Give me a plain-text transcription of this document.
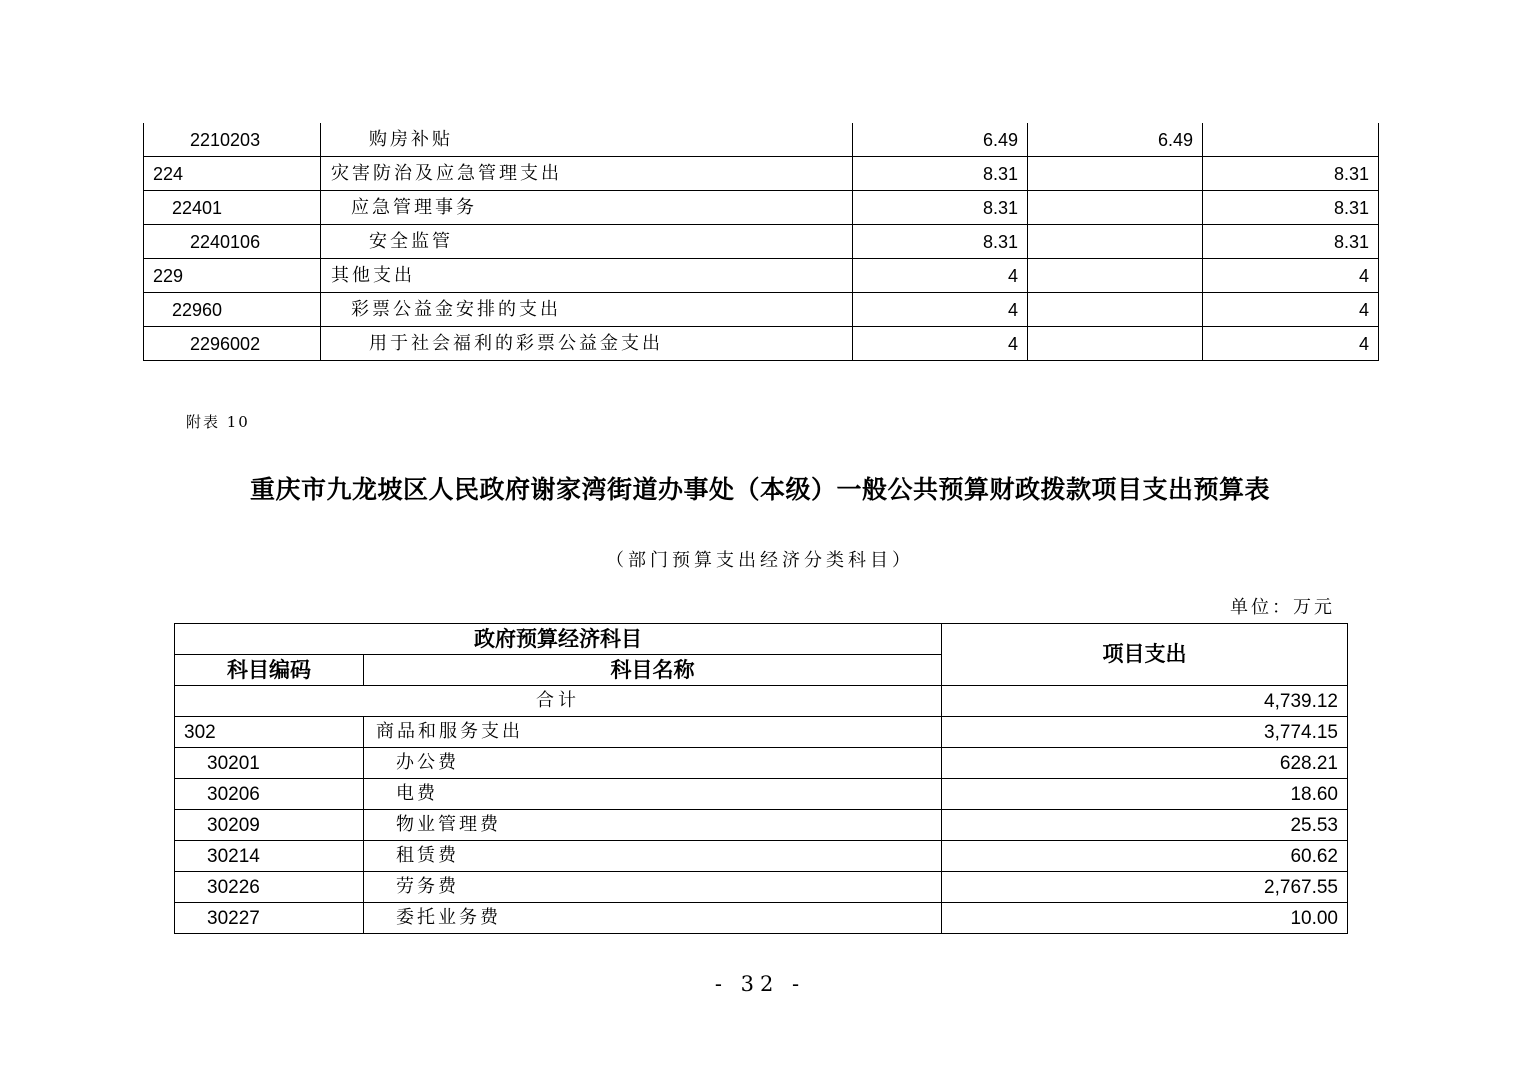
2210203	购房补贴	6.49	6.49	
224	灾害防治及应急管理支出	8.31		8.31
22401	应急管理事务	8.31		8.31
2240106	安全监管	8.31		8.31
229	其他支出	4		4
22960	彩票公益金安排的支出	4		4
2296002	用于社会福利的彩票公益金支出	4		4
附表 10
重庆市九龙坡区人民政府谢家湾街道办事处（本级）一般公共预算财政拨款项目支出预算表
（部门预算支出经济分类科目）
单位：万元
政府预算经济科目		项目支出
科目编码	科目名称	
合计		4,739.12
302	商品和服务支出	3,774.15
30201	办公费	628.21
30206	电费	18.60
30209	物业管理费	25.53
30214	租赁费	60.62
30226	劳务费	2,767.55
30227	委托业务费	10.00
- 32 -
